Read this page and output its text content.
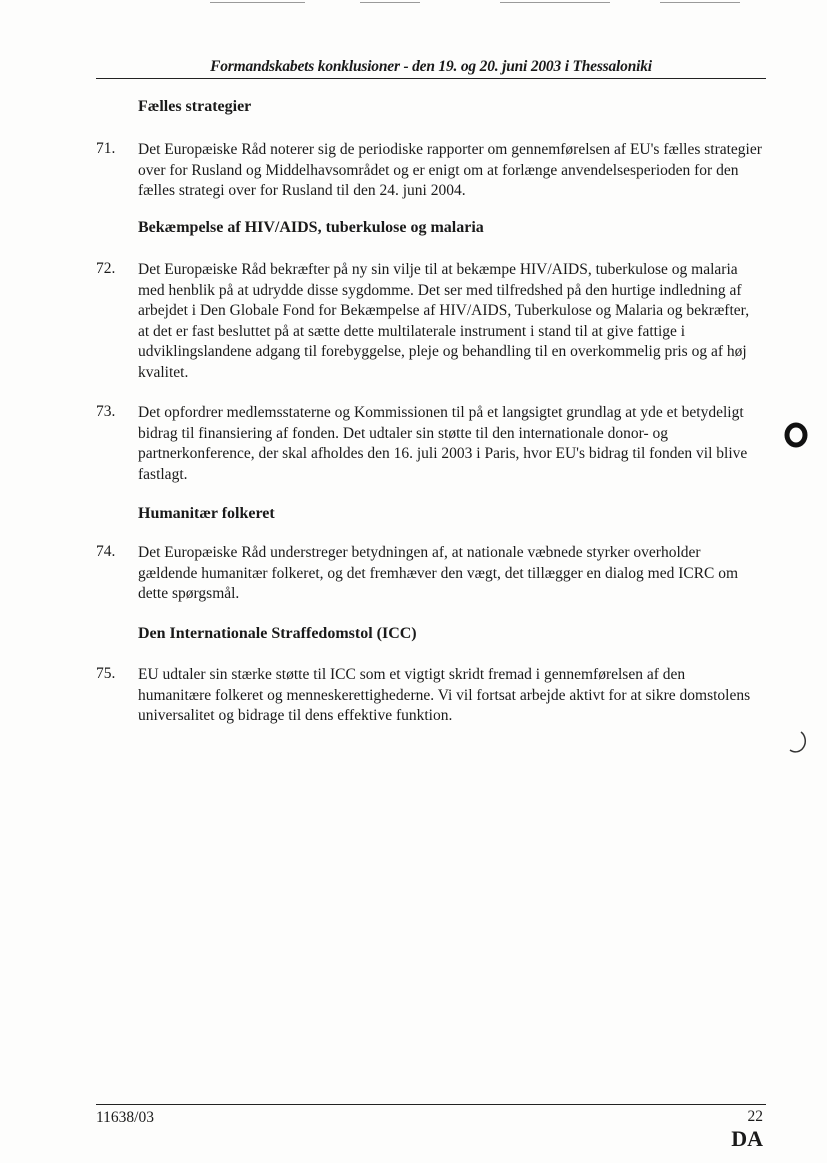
Formandskabets konklusioner - den 19. og 20. juni 2003 i Thessaloniki
Fælles strategier
71.	Det Europæiske Råd noterer sig de periodiske rapporter om gennemførelsen af EU's fælles strategier over for Rusland og Middelhavsområdet og er enigt om at forlænge anvendelsesperioden for den fælles strategi over for Rusland til den 24. juni 2004.
Bekæmpelse af HIV/AIDS, tuberkulose og malaria
72.	Det Europæiske Råd bekræfter på ny sin vilje til at bekæmpe HIV/AIDS, tuberkulose og malaria med henblik på at udrydde disse sygdomme. Det ser med tilfredshed på den hurtige indledning af arbejdet i Den Globale Fond for Bekæmpelse af HIV/AIDS, Tuberkulose og Malaria og bekræfter, at det er fast besluttet på at sætte dette multilaterale instrument i stand til at give fattige i udviklingslandene adgang til forebyggelse, pleje og behandling til en overkommelig pris og af høj kvalitet.
73.	Det opfordrer medlemsstaterne og Kommissionen til på et langsigtet grundlag at yde et betydeligt bidrag til finansiering af fonden. Det udtaler sin støtte til den internationale donor- og partnerkonference, der skal afholdes den 16. juli 2003 i Paris, hvor EU's bidrag til fonden vil blive fastlagt.
Humanitær folkeret
74.	Det Europæiske Råd understreger betydningen af, at nationale væbnede styrker overholder gældende humanitær folkeret, og det fremhæver den vægt, det tillægger en dialog med ICRC om dette spørgsmål.
Den Internationale Straffedomstol (ICC)
75.	EU udtaler sin stærke støtte til ICC som et vigtigt skridt fremad i gennemførelsen af den humanitære folkeret og menneskerettighederne. Vi vil fortsat arbejde aktivt for at sikre domstolens universalitet og bidrage til dens effektive funktion.
11638/03	22
DA
